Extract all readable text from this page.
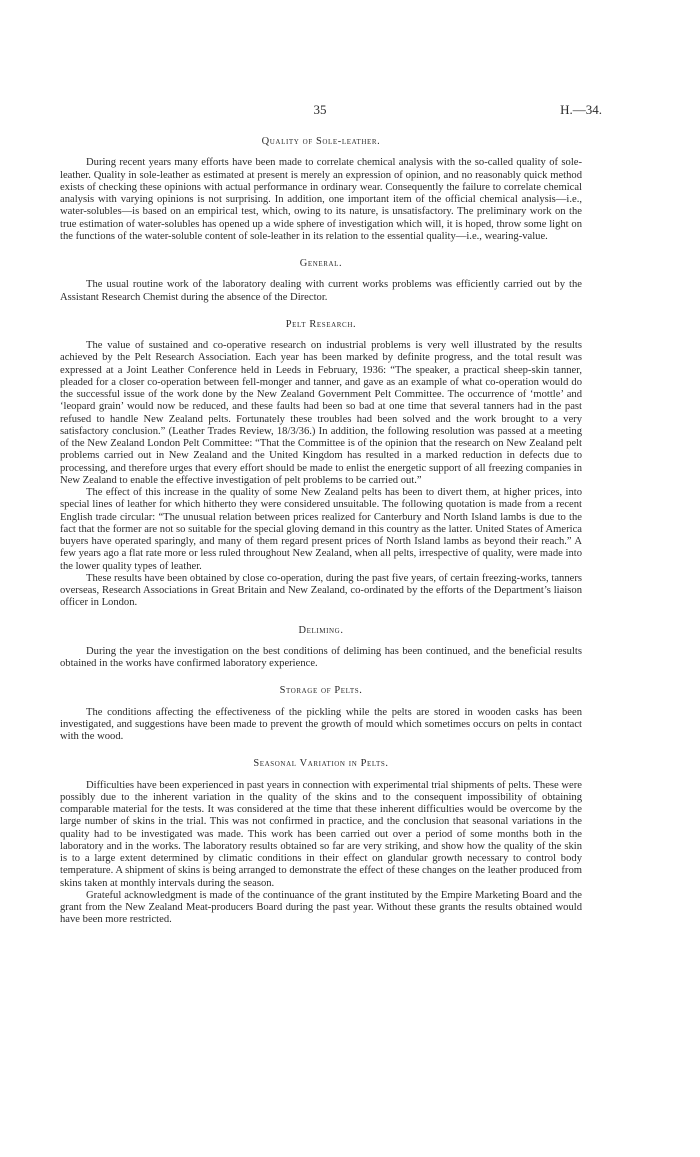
35	H.—34.
Quality of Sole-leather.

During recent years many efforts have been made to correlate chemical analysis with the so-called quality of sole-leather. Quality in sole-leather as estimated at present is merely an expression of opinion, and no reasonably quick method exists of checking these opinions with actual performance in ordinary wear. Consequently the failure to correlate chemical analysis with varying opinions is not surprising. In addition, one important item of the official chemical analysis—i.e., water-solubles—is based on an empirical test, which, owing to its nature, is unsatisfactory. The preliminary work on the true estimation of water-solubles has opened up a wide sphere of investigation which will, it is hoped, throw some light on the functions of the water-soluble content of sole-leather in its relation to the essential quality—i.e., wearing-value.

General.

The usual routine work of the laboratory dealing with current works problems was efficiently carried out by the Assistant Research Chemist during the absence of the Director.

Pelt Research.

The value of sustained and co-operative research on industrial problems is very well illustrated by the results achieved by the Pelt Research Association. Each year has been marked by definite progress, and the total result was expressed at a Joint Leather Conference held in Leeds in February, 1936: “The speaker, a practical sheep-skin tanner, pleaded for a closer co-operation between fell-monger and tanner, and gave as an example of what co-operation would do the successful issue of the work done by the New Zealand Government Pelt Committee. The occurrence of ‘mottle’ and ‘leopard grain’ would now be reduced, and these faults had been so bad at one time that several tanners had in the past refused to handle New Zealand pelts. Fortunately these troubles had been solved and the work brought to a very satisfactory conclusion.” (Leather Trades Review, 18/3/36.) In addition, the following resolution was passed at a meeting of the New Zealand London Pelt Committee: “That the Committee is of the opinion that the research on New Zealand pelt problems carried out in New Zealand and the United Kingdom has resulted in a marked reduction in defects due to processing, and therefore urges that every effort should be made to enlist the energetic support of all freezing companies in New Zealand to enable the effective investigation of pelt problems to be carried out.”

The effect of this increase in the quality of some New Zealand pelts has been to divert them, at higher prices, into special lines of leather for which hitherto they were considered unsuitable. The following quotation is made from a recent English trade circular: “The unusual relation between prices realized for Canterbury and North Island lambs is due to the fact that the former are not so suitable for the special gloving demand in this country as the latter. United States of America buyers have operated sparingly, and many of them regard present prices of North Island lambs as beyond their reach.” A few years ago a flat rate more or less ruled throughout New Zealand, when all pelts, irrespective of quality, were made into the lower quality types of leather.

These results have been obtained by close co-operation, during the past five years, of certain freezing-works, tanners overseas, Research Associations in Great Britain and New Zealand, co-ordinated by the efforts of the Department’s liaison officer in London.

Deliming.

During the year the investigation on the best conditions of deliming has been continued, and the beneficial results obtained in the works have confirmed laboratory experience.

Storage of Pelts.

The conditions affecting the effectiveness of the pickling while the pelts are stored in wooden casks has been investigated, and suggestions have been made to prevent the growth of mould which sometimes occurs on pelts in contact with the wood.

Seasonal Variation in Pelts.

Difficulties have been experienced in past years in connection with experimental trial shipments of pelts. These were possibly due to the inherent variation in the quality of the skins and to the consequent impossibility of obtaining comparable material for the tests. It was considered at the time that these inherent difficulties would be overcome by the large number of skins in the trial. This was not confirmed in practice, and the conclusion that seasonal variations in the quality had to be investigated was made. This work has been carried out over a period of some months both in the laboratory and in the works. The laboratory results obtained so far are very striking, and show how the quality of the skin is to a large extent determined by climatic conditions in their effect on glandular growth necessary to control body temperature. A shipment of skins is being arranged to demonstrate the effect of these changes on the leather produced from skins taken at monthly intervals during the season.

Grateful acknowledgment is made of the continuance of the grant instituted by the Empire Marketing Board and the grant from the New Zealand Meat-producers Board during the past year. Without these grants the results obtained would have been more restricted.
